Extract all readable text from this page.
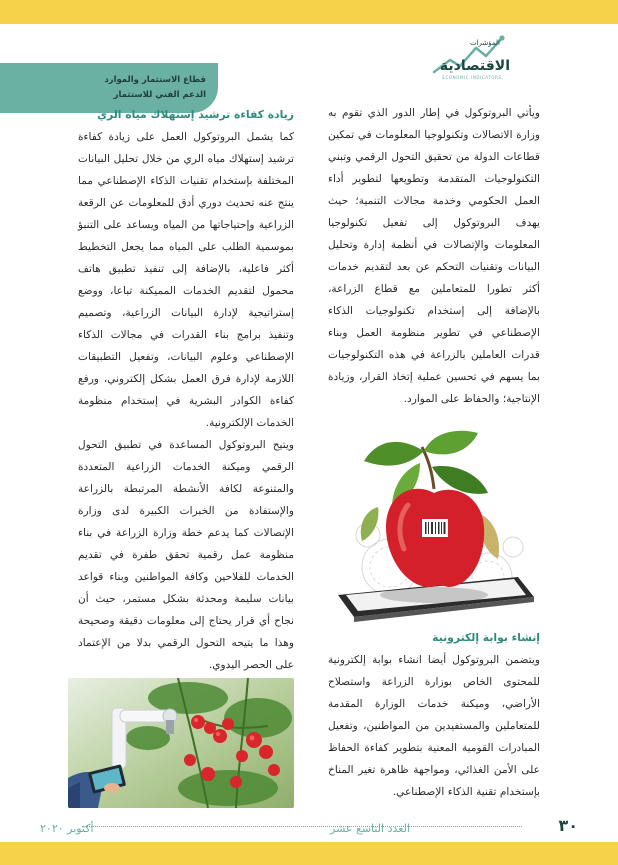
قطاع الاستثمار والموارد
الدعم الفني للاستثمار
المؤشرات
الاقتصادية
ECONOMIC INDICATORS

ويأتي البروتوكول في إطار الدور الذي تقوم به وزارة الاتصالات وتكنولوجيا المعلومات في تمكين قطاعات الدولة من تحقيق التحول الرقمي وتبني التكنولوجيات المتقدمة وتطويعها لتطوير أداء العمل الحكومي وخدمة مجالات التنمية؛ حيث يهدف البروتوكول إلى تفعيل تكنولوجيا المعلومات والإتصالات في أنظمة إدارة وتحليل البيانات وتقنيات التحكم عن بعد لتقديم خدمات أكثر تطورا للمتعاملين مع قطاع الزراعة، بالإضافة إلى إستخدام تكنولوجيات الذكاء الإصطناعي في تطوير منظومة العمل وبناء قدرات العاملين بالزراعة في هذه التكنولوجيات بما يسهم في تحسين عملية إتخاذ القرار، وزيادة الإنتاجية؛ والحفاظ على الموارد.

إنشاء بوابة إلكترونية

ويتضمن البروتوكول أيضا انشاء بوابة إلكترونية للمحتوى الخاص بوزارة الزراعة واستصلاح الأراضي، وميكنة خدمات الوزارة المقدمة للمتعاملين والمستفيدين من المواطنين، وتفعيل المبادرات القومية المعنية بتطوير كفاءة الحفاظ على الأمن الغذائي، ومواجهة ظاهرة تغير المناخ بإستخدام تقنية الذكاء الإصطناعي.

زيادة كفاءة ترشيد إستهلاك مياه الري

كما يشمل البروتوكول العمل على زيادة كفاءة ترشيد إستهلاك مياه الري من خلال تحليل البيانات المختلفة بإستخدام تقنيات الذكاء الإصطناعي مما ينتج عنه تحديث دوري أدق للمعلومات عن الرقعة الزراعية وإحتياجاتها من المياه ويساعد على التنبؤ بموسمية الطلب على المياه مما يجعل التخطيط أكثر فاعلية، بالإضافة إلى تنفيذ تطبيق هاتف محمول لتقديم الخدمات المميكنة تباعا، ووضع إستراتيجية لإدارة البيانات الزراعية، وتصميم وتنفيذ برامج بناء القدرات في مجالات الذكاء الإصطناعي وعلوم البيانات، وتفعيل التطبيقات اللازمة لإدارة فرق العمل بشكل إلكتروني، ورفع كفاءة الكوادر البشرية في إستخدام منظومة الخدمات الإلكترونية.

ويتيح البروتوكول المساعدة في تطبيق التحول الرقمي وميكنة الخدمات الزراعية المتعددة والمتنوعة لكافة الأنشطة المرتبطة بالزراعة والإستفادة من الخبرات الكبيرة لدى وزارة الإتصالات كما يدعم خطة وزارة الزراعة في بناء منظومة عمل رقمية تحقق طفرة في تقديم الخدمات للفلاحين وكافة المواطنين وبناء قواعد بيانات سليمة ومحدثة بشكل مستمر، حيث أن نجاح أي قرار يحتاج إلى معلومات دقيقة وصحيحة وهذا ما يتيحه التحول الرقمي بدلا من الإعتماد على الحصر اليدوي.

٣٠
العدد التاسع عشر
أكتوبر ٢٠٢٠
